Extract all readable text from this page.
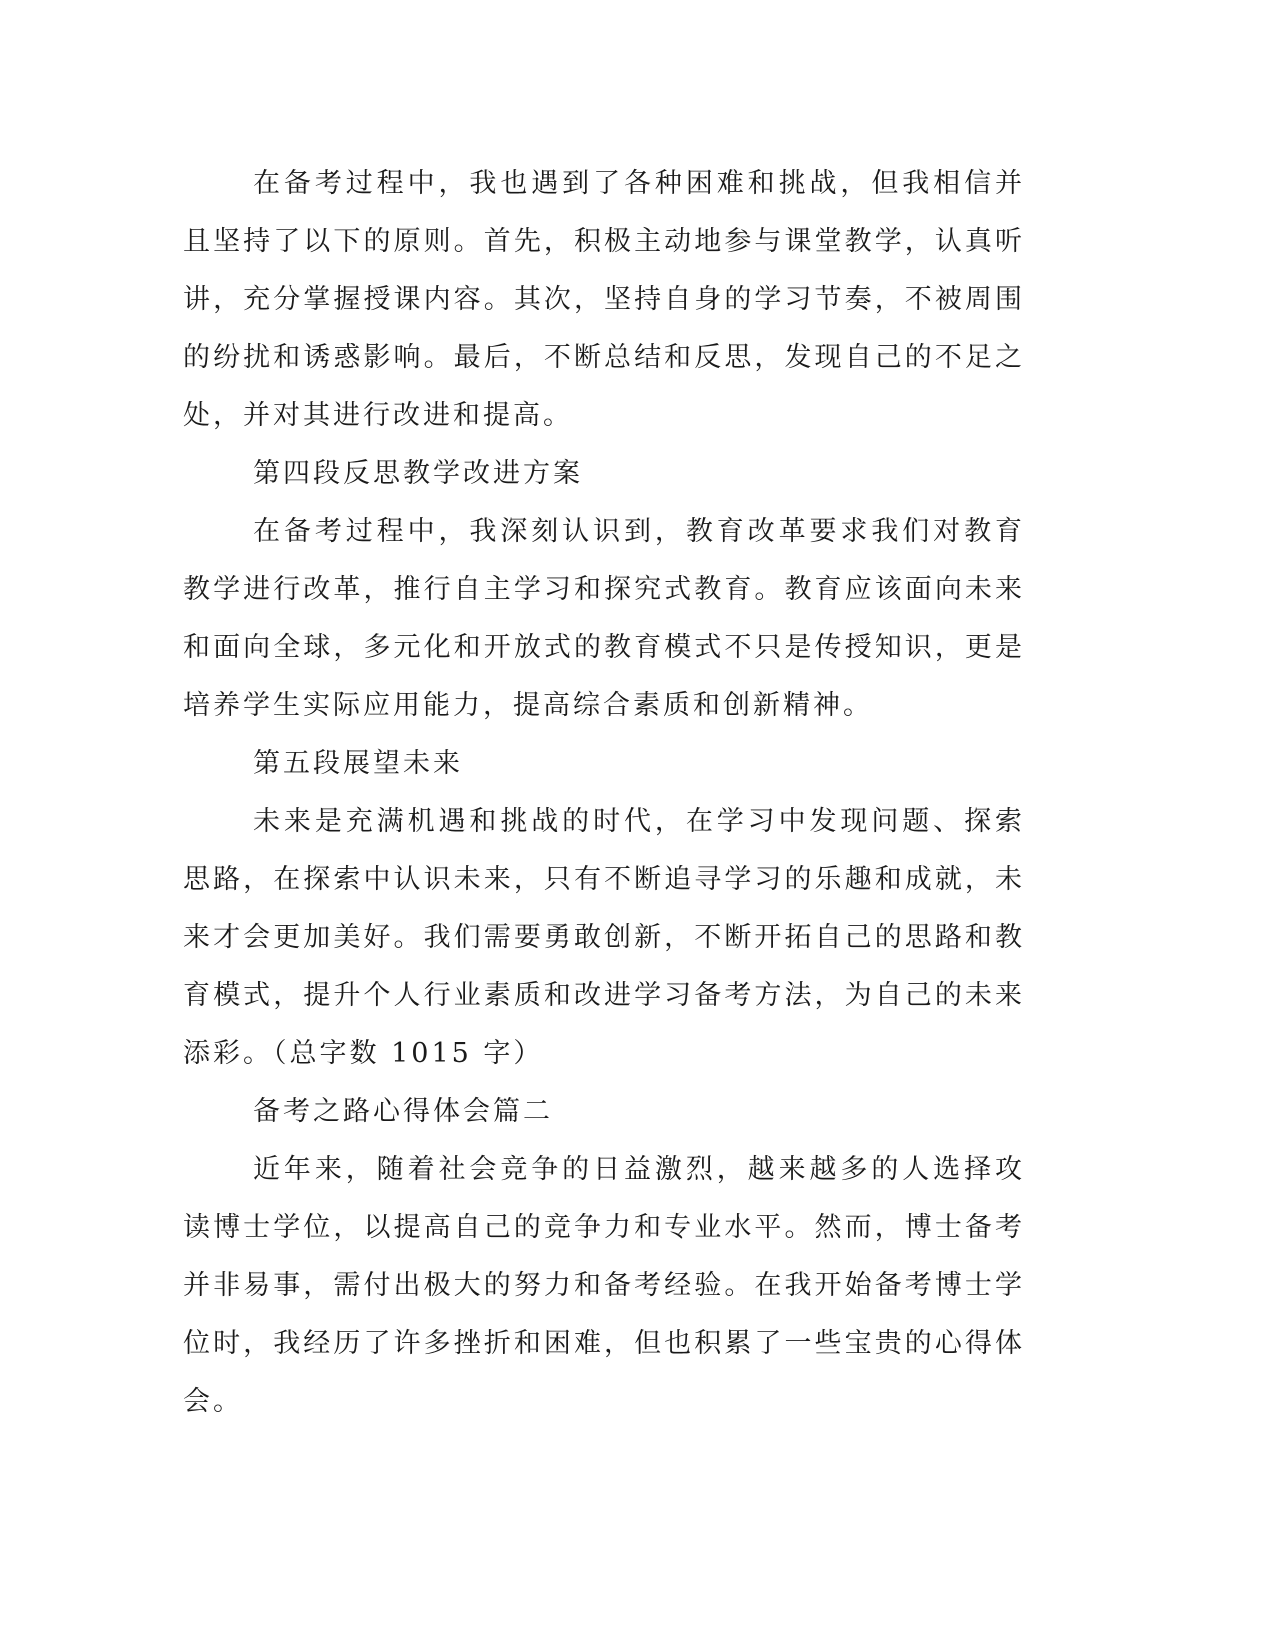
在备考过程中，我也遇到了各种困难和挑战，但我相信并且坚持了以下的原则。首先，积极主动地参与课堂教学，认真听讲，充分掌握授课内容。其次，坚持自身的学习节奏，不被周围的纷扰和诱惑影响。最后，不断总结和反思，发现自己的不足之处，并对其进行改进和提高。

第四段反思教学改进方案

在备考过程中，我深刻认识到，教育改革要求我们对教育教学进行改革，推行自主学习和探究式教育。教育应该面向未来和面向全球，多元化和开放式的教育模式不只是传授知识，更是培养学生实际应用能力，提高综合素质和创新精神。

第五段展望未来

未来是充满机遇和挑战的时代，在学习中发现问题、探索思路，在探索中认识未来，只有不断追寻学习的乐趣和成就，未来才会更加美好。我们需要勇敢创新，不断开拓自己的思路和教育模式，提升个人行业素质和改进学习备考方法，为自己的未来添彩。（总字数 1015 字）

备考之路心得体会篇二

近年来，随着社会竞争的日益激烈，越来越多的人选择攻读博士学位，以提高自己的竞争力和专业水平。然而，博士备考并非易事，需付出极大的努力和备考经验。在我开始备考博士学位时，我经历了许多挫折和困难，但也积累了一些宝贵的心得体会。
